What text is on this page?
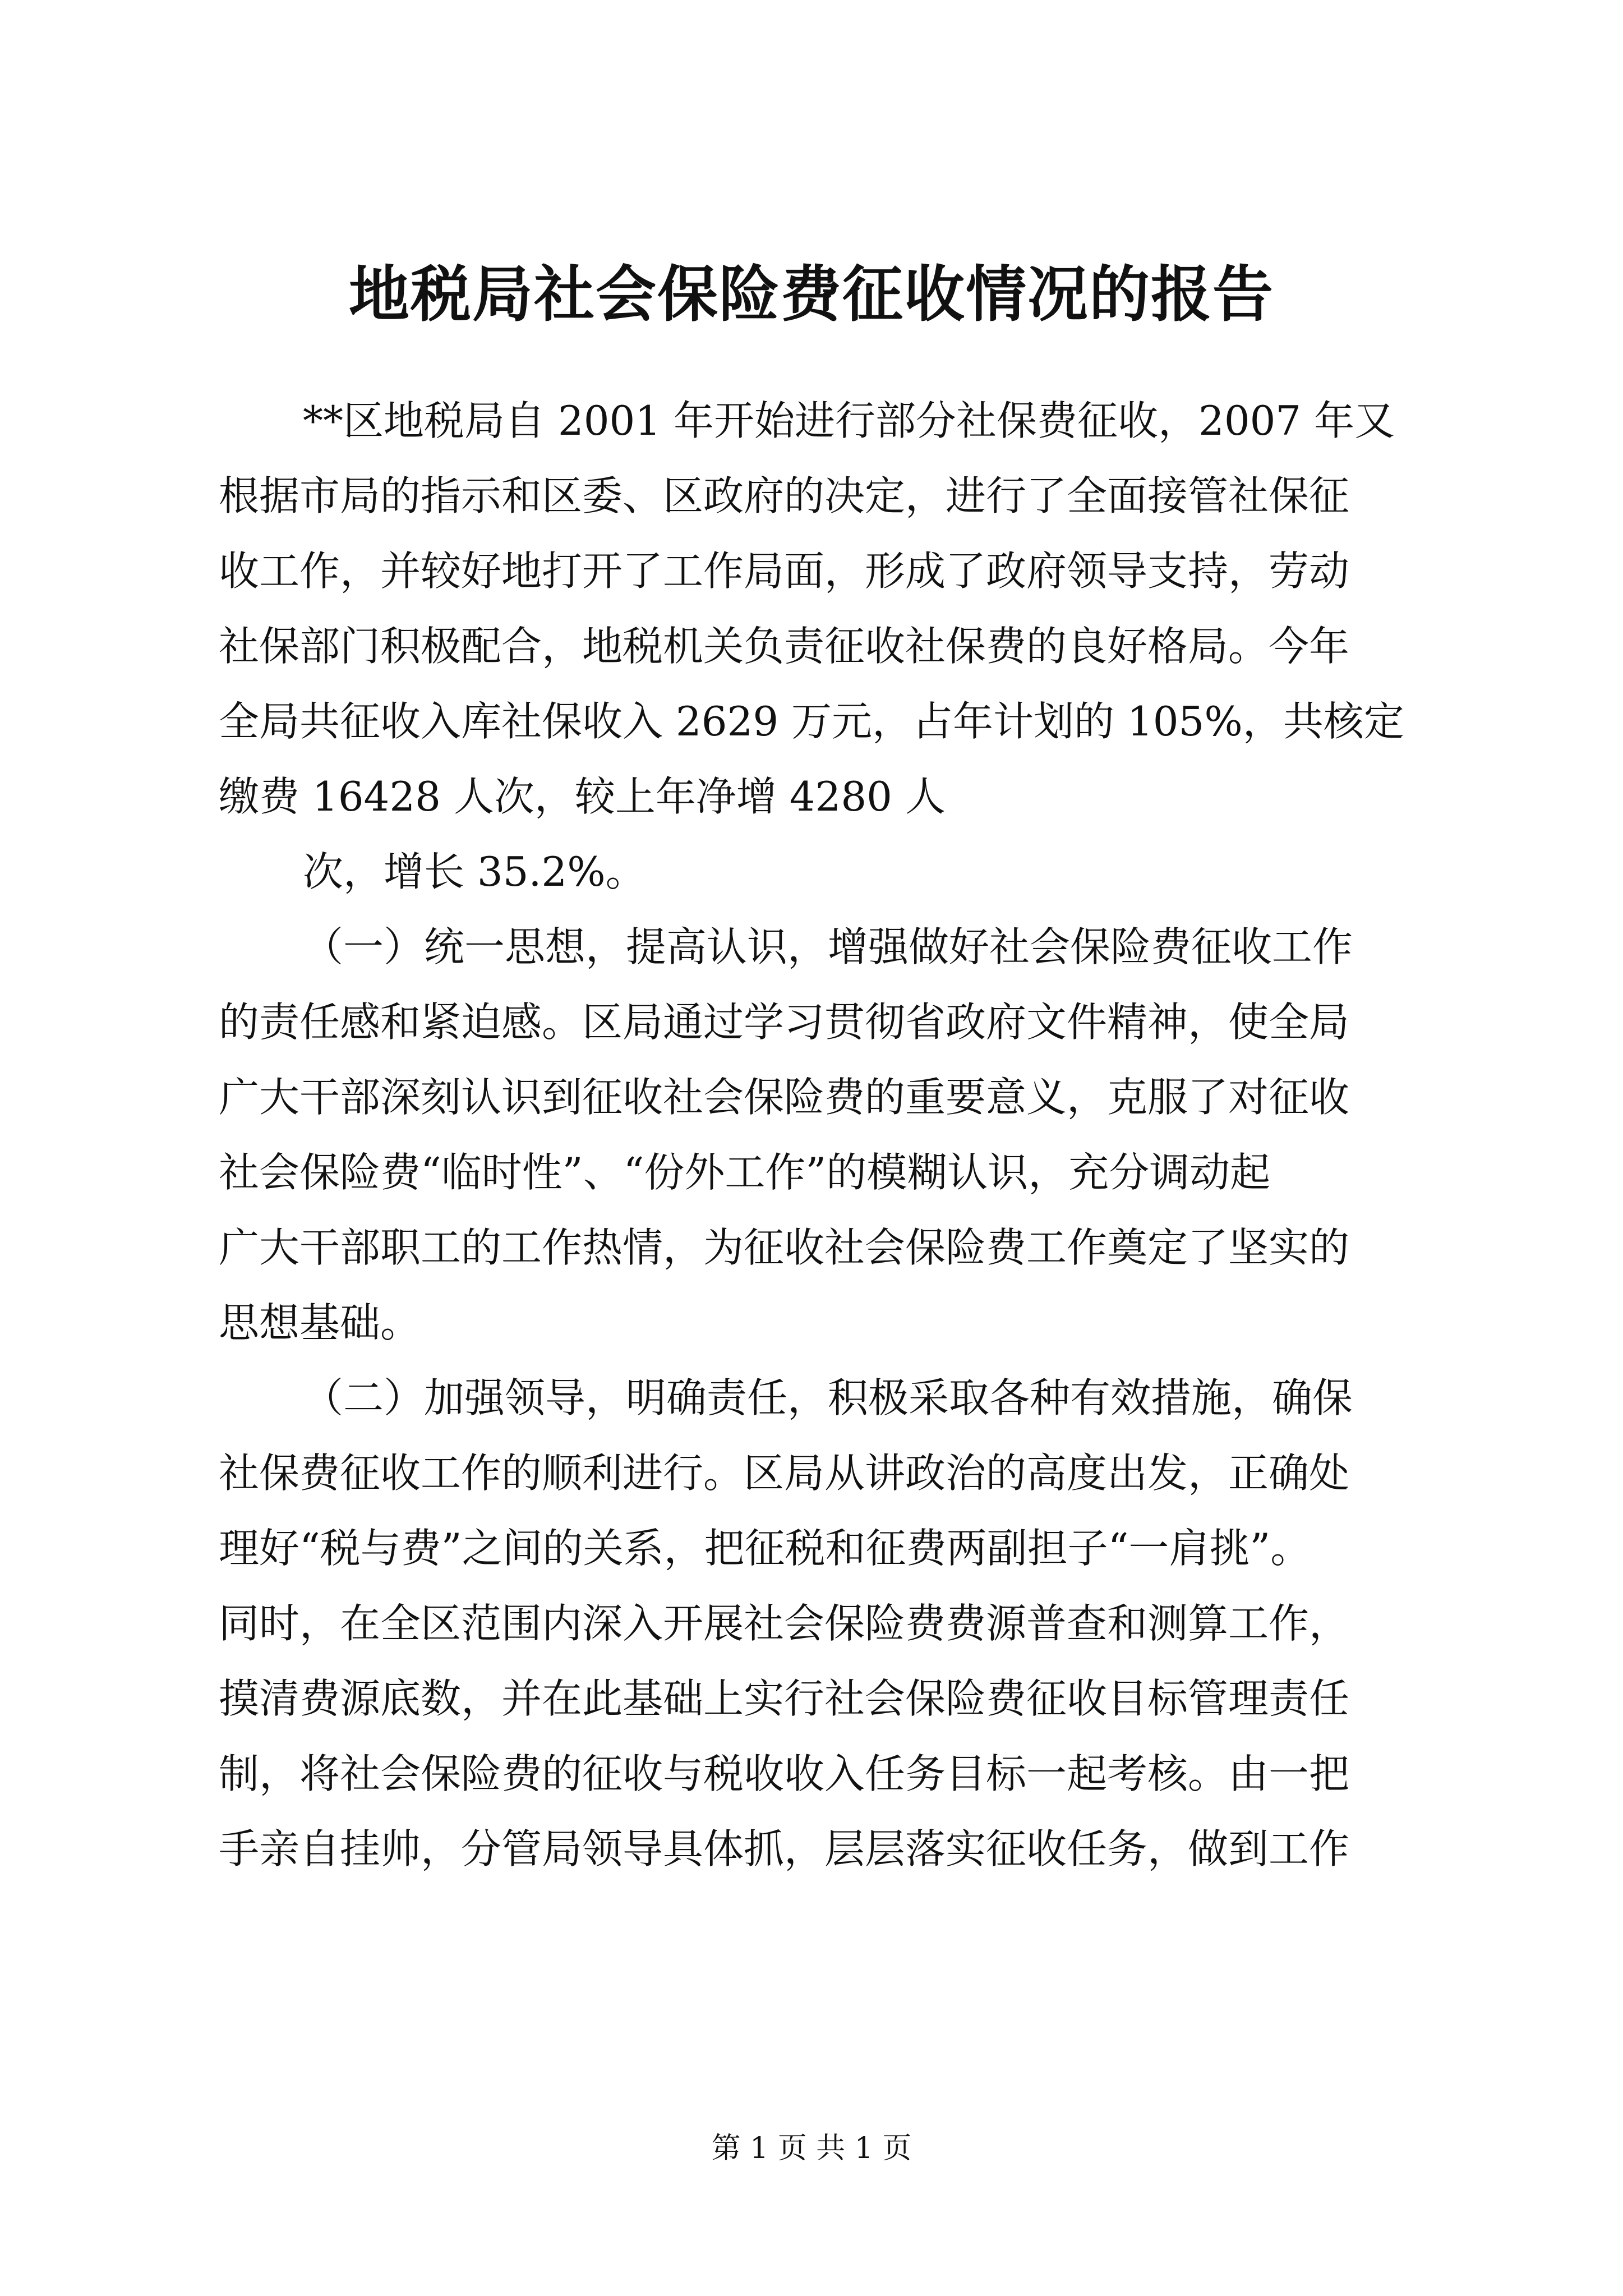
地税局社会保险费征收情况的报告

**区地税局自 2001 年开始进行部分社保费征收，2007 年又

根据市局的指示和区委、区政府的决定，进行了全面接管社保征

收工作，并较好地打开了工作局面，形成了政府领导支持，劳动

社保部门积极配合，地税机关负责征收社保费的良好格局。今年

全局共征收入库社保收入 2629 万元，占年计划的 105%，共核定

缴费 16428 人次，较上年净增 4280 人

次，增长 35.2%。

（一）统一思想，提高认识，增强做好社会保险费征收工作

的责任感和紧迫感。区局通过学习贯彻省政府文件精神，使全局

广大干部深刻认识到征收社会保险费的重要意义，克服了对征收

社会保险费“临时性”、“份外工作”的模糊认识，充分调动起

广大干部职工的工作热情，为征收社会保险费工作奠定了坚实的

思想基础。

（二）加强领导，明确责任，积极采取各种有效措施，确保

社保费征收工作的顺利进行。区局从讲政治的高度出发，正确处

理好“税与费”之间的关系，把征税和征费两副担子“一肩挑”。

同时，在全区范围内深入开展社会保险费费源普查和测算工作，

摸清费源底数，并在此基础上实行社会保险费征收目标管理责任

制，将社会保险费的征收与税收收入任务目标一起考核。由一把

手亲自挂帅，分管局领导具体抓，层层落实征收任务，做到工作

第 1 页 共 1 页
